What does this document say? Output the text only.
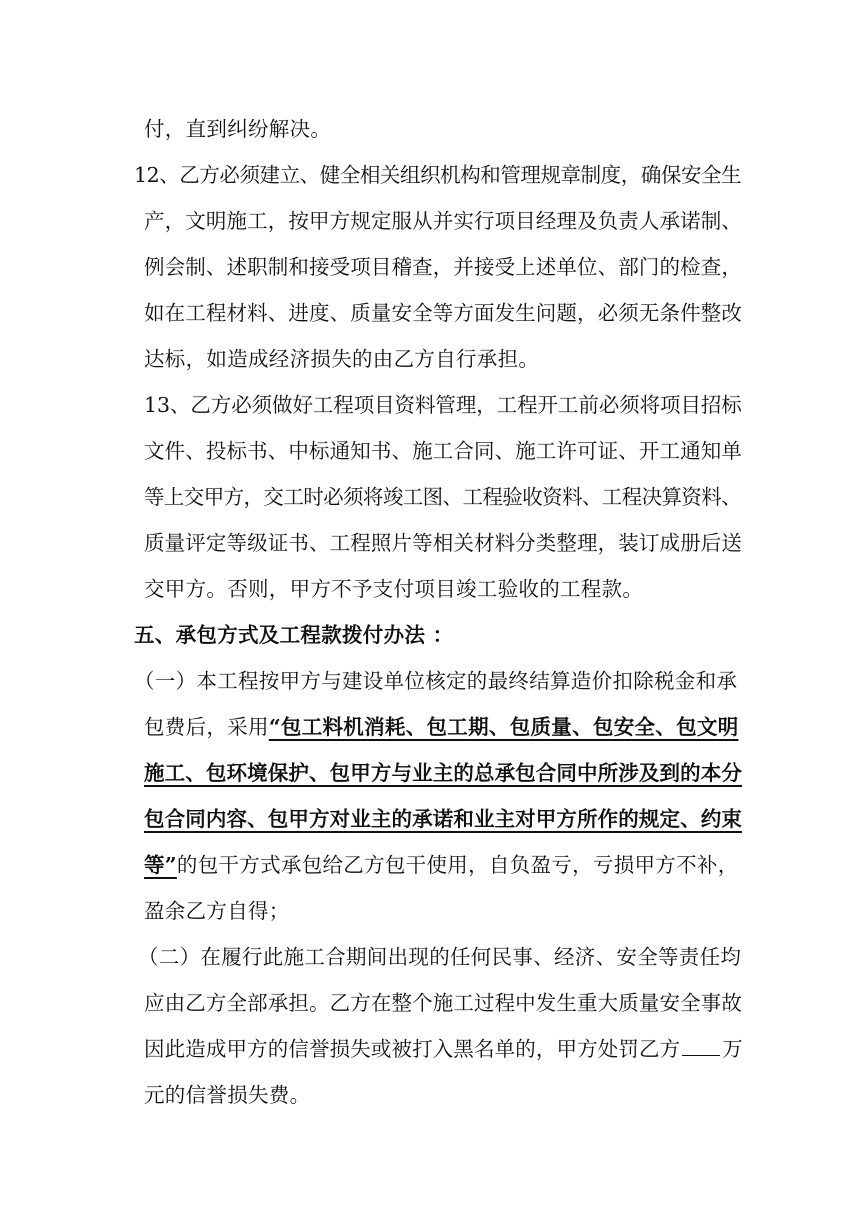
付，直到纠纷解决。
12、乙方必须建立、健全相关组织机构和管理规章制度，确保安全生
产，文明施工，按甲方规定服从并实行项目经理及负责人承诺制、
例会制、述职制和接受项目稽查，并接受上述单位、部门的检查，
如在工程材料、进度、质量安全等方面发生问题，必须无条件整改
达标，如造成经济损失的由乙方自行承担。
13、乙方必须做好工程项目资料管理，工程开工前必须将项目招标
文件、投标书、中标通知书、施工合同、施工许可证、开工通知单
等上交甲方，交工时必须将竣工图、工程验收资料、工程决算资料、
质量评定等级证书、工程照片等相关材料分类整理，装订成册后送
交甲方。否则，甲方不予支付项目竣工验收的工程款。
五、承包方式及工程款拨付办法 ：
（一）本工程按甲方与建设单位核定的最终结算造价扣除税金和承
包费后，采用“包工料机消耗、包工期、包质量、包安全、包文明
施工、包环境保护、包甲方与业主的总承包合同中所涉及到的本分
包合同内容、包甲方对业主的承诺和业主对甲方所作的规定、约束
等”的包干方式承包给乙方包干使用，自负盈亏，亏损甲方不补，
盈余乙方自得；
（二）在履行此施工合期间出现的任何民事、经济、安全等责任均
应由乙方全部承担。乙方在整个施工过程中发生重大质量安全事故
因此造成甲方的信誉损失或被打入黑名单的，甲方处罚乙方 万
元的信誉损失费。
